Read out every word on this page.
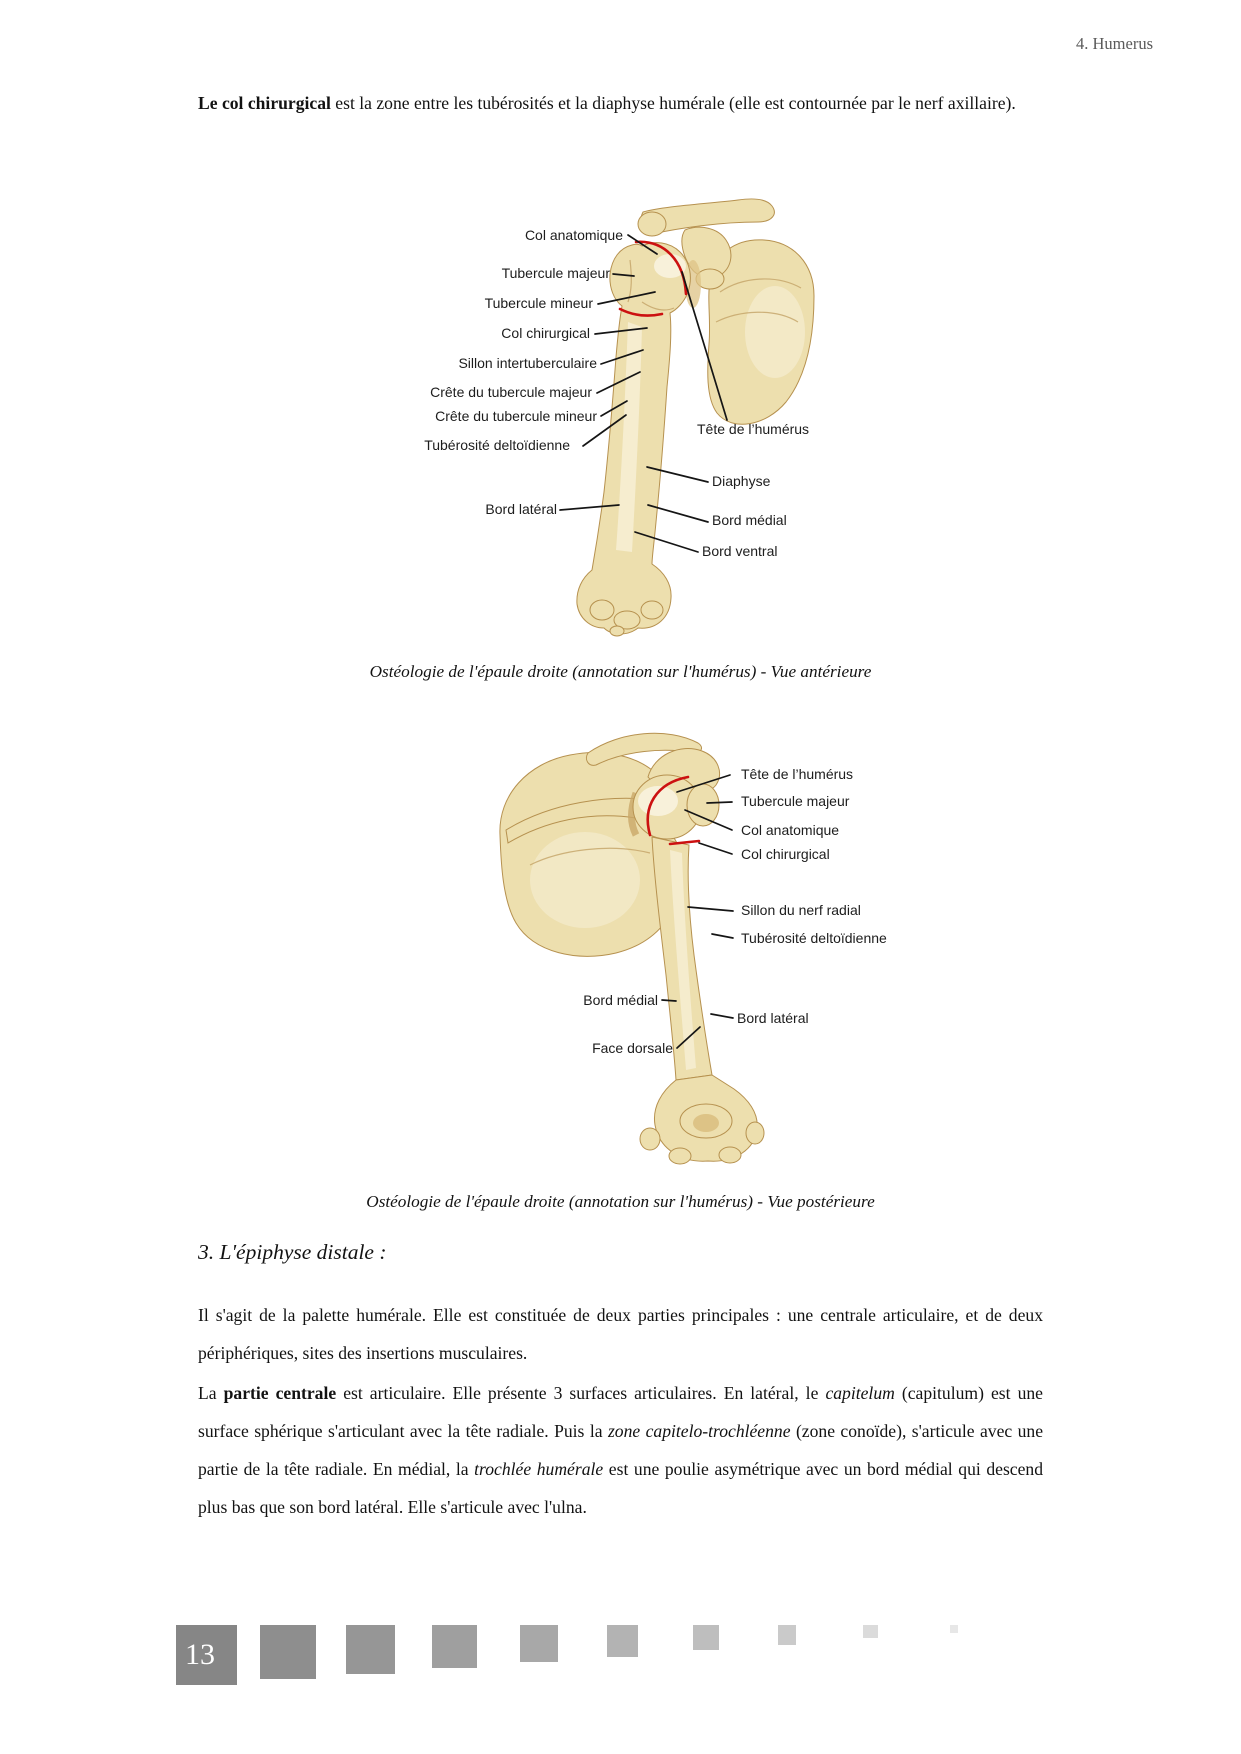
4. Humerus

Le col chirurgical est la zone entre les tubérosités et la diaphyse humérale (elle est contournée par le nerf axillaire).

Col anatomique
Tubercule majeur
Tubercule mineur
Col chirurgical
Sillon intertuberculaire
Crête du tubercule majeur
Crête du tubercule mineur
Tubérosité deltoïdienne
Tête de l’humérus
Diaphyse
Bord latéral
Bord médial
Bord ventral

Ostéologie de l'épaule droite (annotation sur l'humérus) - Vue antérieure

Tête de l’humérus
Tubercule majeur
Col anatomique
Col chirurgical
Sillon du nerf radial
Tubérosité deltoïdienne
Bord médial
Bord latéral
Face dorsale

Ostéologie de l'épaule droite (annotation sur l'humérus) - Vue postérieure

3. L'épiphyse distale :

Il s'agit de la palette humérale. Elle est constituée de deux parties principales : une centrale articulaire, et de deux périphériques, sites des insertions musculaires.

La partie centrale est articulaire. Elle présente 3 surfaces articulaires. En latéral, le capitelum (capitulum) est une surface sphérique s'articulant avec la tête radiale. Puis la zone capitelo-trochléenne (zone conoïde), s'articule avec une partie de la tête radiale. En médial, la trochlée humérale est une poulie asymétrique avec un bord médial qui descend plus bas que son bord latéral. Elle s'articule avec l'ulna.

13
